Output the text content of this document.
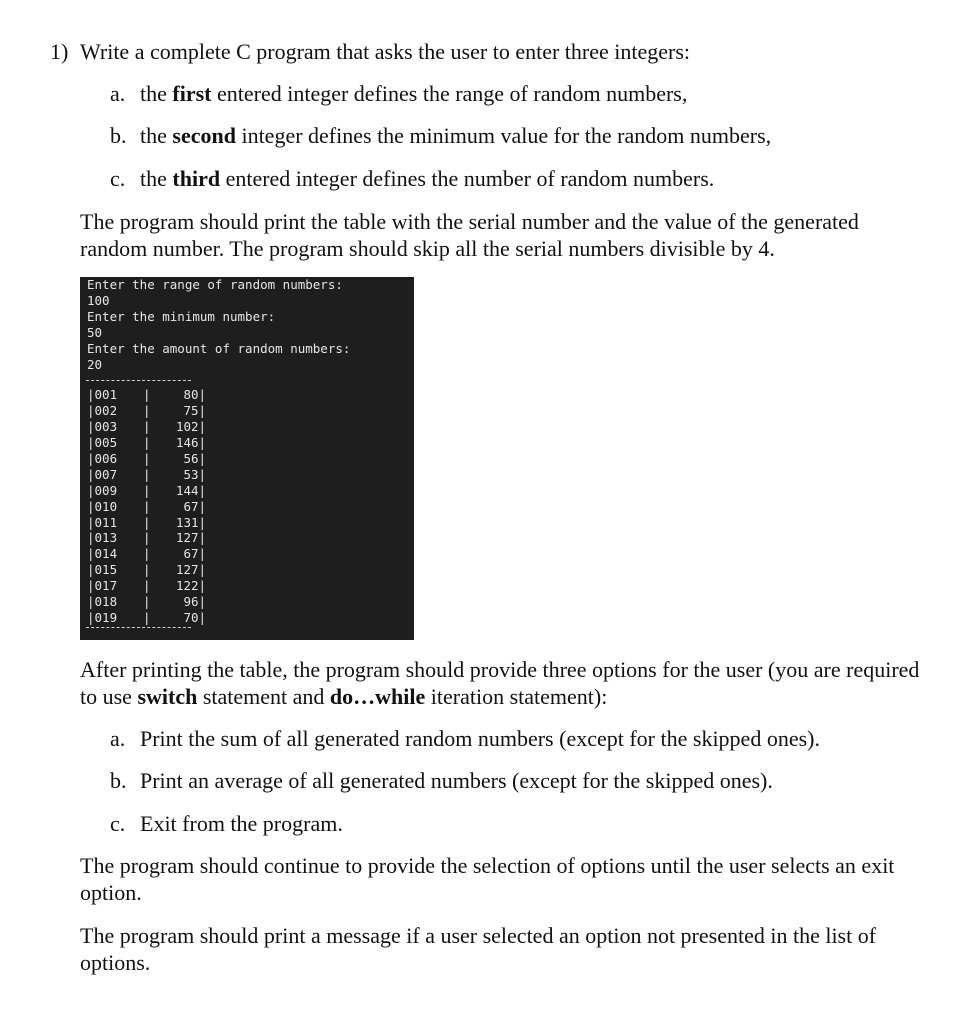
1) Write a complete C program that asks the user to enter three integers:
a. the first entered integer defines the range of random numbers,
b. the second integer defines the minimum value for the random numbers,
c. the third entered integer defines the number of random numbers.
The program should print the table with the serial number and the value of the generated random number. The program should skip all the serial numbers divisible by 4.
Enter the range of random numbers:
100
Enter the minimum number:
50
Enter the amount of random numbers:
20
|001	|	80 |
|002	|	75 |
|003	|	102 |
|005	|	146 |
|006	|	56 |
|007	|	53 |
|009	|	144 |
|010	|	67 |
|011	|	131 |
|013	|	127 |
|014	|	67 |
|015	|	127 |
|017	|	122 |
|018	|	96 |
|019	|	70 |
After printing the table, the program should provide three options for the user (you are required to use switch statement and do…while iteration statement):
a. Print the sum of all generated random numbers (except for the skipped ones).
b. Print an average of all generated numbers (except for the skipped ones).
c. Exit from the program.
The program should continue to provide the selection of options until the user selects an exit option.
The program should print a message if a user selected an option not presented in the list of options.
